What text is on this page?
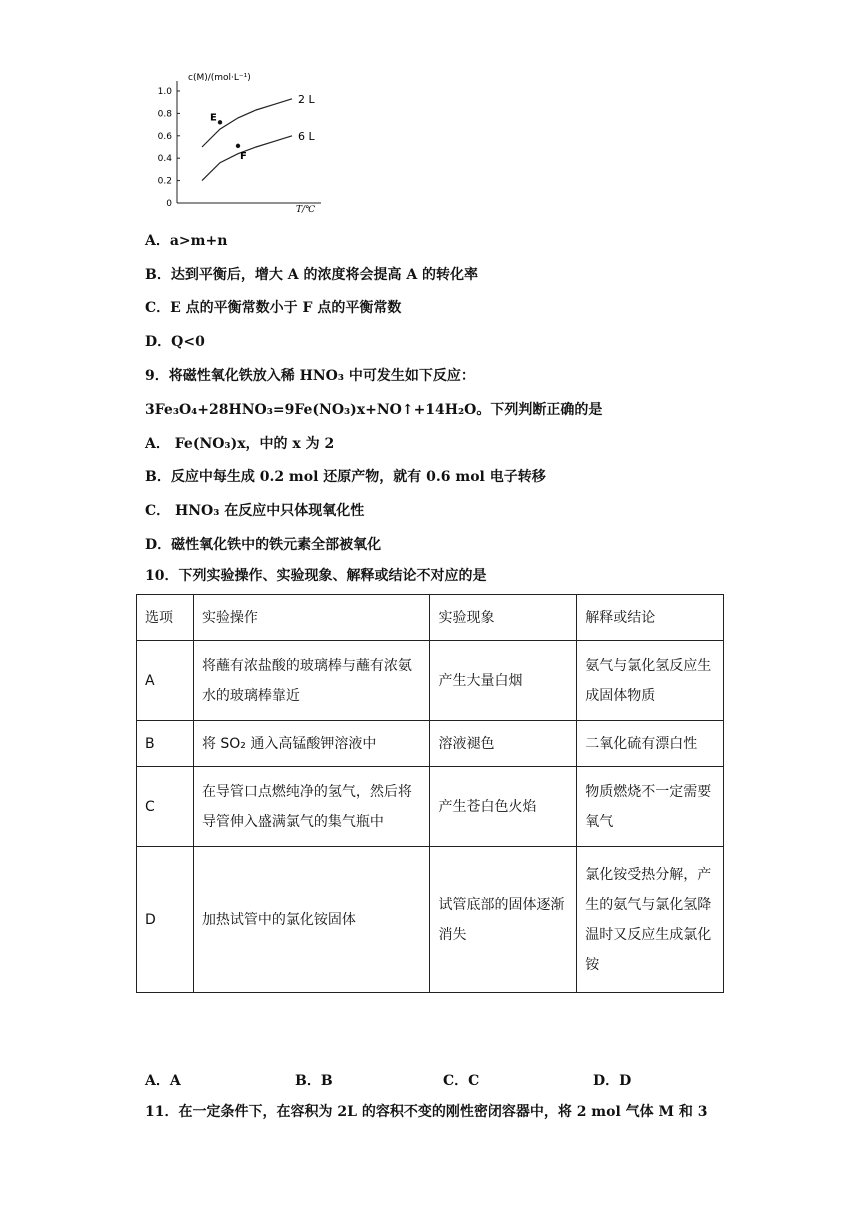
1.0
0.8
0.6
0.4
0.2
0
2 L
6 L
E
F
c(M)/(mol·L⁻¹)
T/℃
A．a>m+n
B．达到平衡后，增大 A 的浓度将会提高 A 的转化率
C．E 点的平衡常数小于 F 点的平衡常数
D．Q<0
9．将磁性氧化铁放入稀 HNO₃ 中可发生如下反应：
3Fe₃O₄+28HNO₃=9Fe(NO₃)x+NO↑+14H₂O。下列判断正确的是
A． Fe(NO₃)x，中的 x 为 2
B．反应中每生成 0.2 mol 还原产物，就有 0.6 mol 电子转移
C． HNO₃ 在反应中只体现氧化性
D．磁性氧化铁中的铁元素全部被氧化
10．下列实验操作、实验现象、解释或结论不对应的是
选项	实验操作	实验现象	解释或结论
A	将蘸有浓盐酸的玻璃棒与蘸有浓氨水的玻璃棒靠近	产生大量白烟	氨气与氯化氢反应生成固体物质
B	将 SO₂ 通入高锰酸钾溶液中	溶液褪色	二氧化硫有漂白性
C	在导管口点燃纯净的氢气，然后将导管伸入盛满氯气的集气瓶中	产生苍白色火焰	物质燃烧不一定需要氧气
D	加热试管中的氯化铵固体	试管底部的固体逐渐消失	氯化铵受热分解，产生的氨气与氯化氢降温时又反应生成氯化铵
A．A	B．B	C．C	D．D
11．在一定条件下，在容积为 2L 的容积不变的刚性密闭容器中，将 2 mol 气体 M 和 3
